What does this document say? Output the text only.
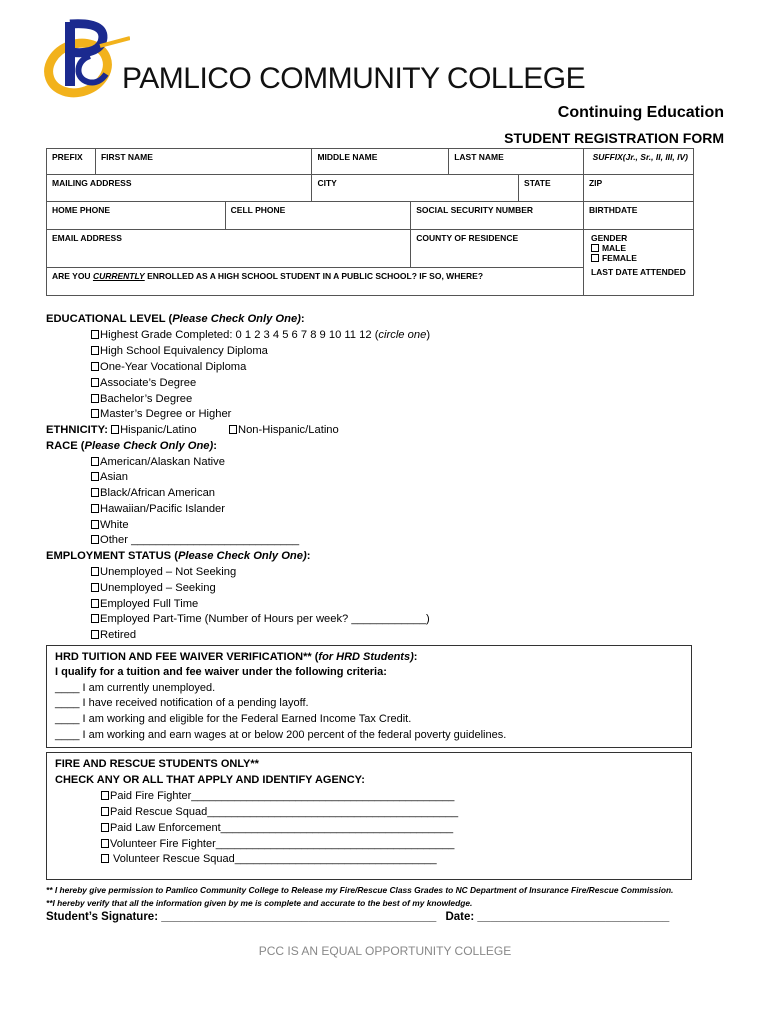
PAMLICO COMMUNITY COLLEGE
Continuing Education
STUDENT REGISTRATION FORM
PREFIX	FIRST NAME		MIDDLE NAME		LAST NAME		SUFFIX(Jr., Sr., II, III, IV)
MAILING ADDRESS			CITY			STATE	ZIP
HOME PHONE		CELL PHONE		SOCIAL SECURITY NUMBER			BIRTHDATE
EMAIL ADDRESS				COUNTY OF RESIDENCE			GENDER
MALE
FEMALE
LAST DATE ATTENDED

ARE YOU CURRENTLY ENROLLED AS A HIGH SCHOOL STUDENT IN A PUBLIC SCHOOL? IF SO, WHERE?							
EDUCATIONAL LEVEL (Please Check Only One):
Highest Grade Completed: 0 1 2 3 4 5 6 7 8 9 10 11 12 (circle one)
High School Equivalency Diploma
One-Year Vocational Diploma
Associate’s Degree
Bachelor’s Degree
Master’s Degree or Higher
ETHNICITY: Hispanic/Latino	Non-Hispanic/Latino
RACE (Please Check Only One):
American/Alaskan Native
Asian
Black/African American
Hawaiian/Pacific Islander
White
Other ___________________________
EMPLOYMENT STATUS (Please Check Only One):
Unemployed – Not Seeking
Unemployed – Seeking
Employed Full Time
Employed Part-Time (Number of Hours per week? ____________)
Retired
HRD TUITION AND FEE WAIVER VERIFICATION** (for HRD Students):
I qualify for a tuition and fee waiver under the following criteria:
____ I am currently unemployed.
____ I have received notification of a pending layoff.
____ I am working and eligible for the Federal Earned Income Tax Credit.
____ I am working and earn wages at or below 200 percent of the federal poverty guidelines.
FIRE AND RESCUE STUDENTS ONLY**
CHECK ANY OR ALL THAT APPLY AND IDENTIFY AGENCY:
Paid Fire Fighter___________________________________________
Paid Rescue Squad_________________________________________
Paid Law Enforcement______________________________________
Volunteer Fire Fighter_______________________________________
Volunteer Rescue Squad_________________________________
** I hereby give permission to Pamlico Community College to Release my Fire/Rescue Class Grades to NC Department of Insurance Fire/Rescue Commission.
**I hereby verify that all the information given by me is complete and accurate to the best of my knowledge.
Student’s Signature: ___________________________________________ Date: ______________________________
PCC IS AN EQUAL OPPORTUNITY COLLEGE
